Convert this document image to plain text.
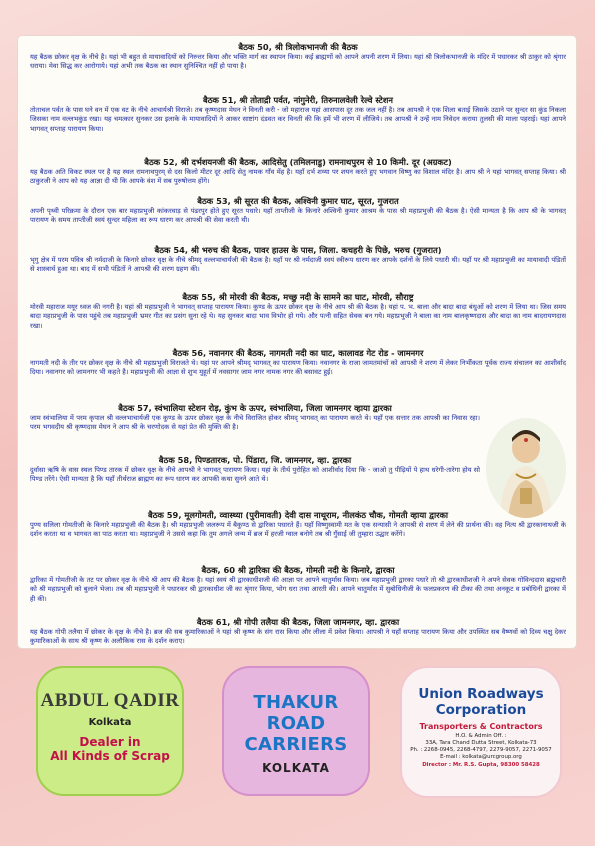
बैठक 50, श्री त्रिलोकभानजी की बैठक
यह बैठक छोकर वृक्ष के नीचे है। यहां भी बहुत से मायावादियों को निरुत्तर किया और भक्ति मार्ग का स्थापन किया। कई ब्राह्मणों को आपने अपनी शरण में लिया। यहां श्री त्रिलोकभानजी के मंदिर में पधारकर श्री ठाकुर को श्रृंगार धराया। मेवा सिद्ध कर आरोगाये। यहां अभी तक बैठक का स्थान सुनिश्चित नहीं हो पाया है।
बैठक 51, श्री तोताद्री पर्वत, नांगुनेरी, तिरुनालवेली रेल्वे स्टेशन
तोताचल पर्वत के पास घने वन में एक वट के नीचे आचार्यश्री विराजे। तब कृष्णदास मेघन ने विनती करी - जो महाराज यहां आसपास दूर तक जल नहीं है। तब आपश्री ने एक शिला बताई जिसके उठाने पर सुन्दर सा कुंड निकला जिसका नाम वल्लभकुंड रखा। यह चमत्कार सुनकर उस इलाके के मायावादियों ने आकर साष्टांग दंडवत कर विनती की कि हमें भी शरण में लीजिये। तब आपश्री ने उन्हें नाम निवेदन कराया तुलसी की माला पहराई। यहां आपने भागवत् सप्ताह पारायण किया।
बैठक 52, श्री दर्भशयनजी की बैठक, आदिसेतु (तमिलनाडु) रामनाथपुरम से 10 किमी. दूर (अग्रकट)
यह बैठक अति विकट स्थल पर है यह स्थल रामनाथपुरम् से दस किलो मीटर दूर आदि सेतु नामक गाँव मेंह है। यहाँ दर्भ शय्या पर शयन करते हुए भगवान विष्णु का विशाल मंदिर है। आप श्री ने यहां भागवत् सप्ताह किया। श्री ठाकुरजी ने आप को यह आज्ञा दी थी कि आपके वंश में सब पुरुषोत्तम होंगे।
बैठक 53, श्री सूरत की बैठक, अश्विनी कुमार घाट, सूरत, गुजरात
अपनी पृथ्वी परिक्रमा के दौरान एक बार महाप्रभुजी कांकरवाड़ से पंढरपुर होते हुए सूरत पधारे। यहाँ ताप्तीजी के किनारे अश्विनी कुमार आश्रम के पास श्री महाप्रभुजी की बैठक है। ऐसी मान्यता है कि आप श्री के भागवत् पारायण के समय ताप्तीजी स्वयं सुन्दर महिला का रूप धारण कर आपश्री की सेवा करती थी।
बैठक 54, श्री भरुच की बैठक, पावर हाउस के पास, जिला. कचहरी के पिछे, भरुच (गुजरात)
भृगु क्षेत्र में परम पवित्र श्री नर्मदाजी के किनारे छोकर वृक्ष के नीचे श्रीमद् वल्लभाचार्यजी की बैठक है। यहाँ पर श्री नर्मदाजी स्वयं स्त्रीरूप धारण कर आपके दर्शनों के लिये पधारी थी। यहाँ पर श्री महाप्रभुजी का मायावादी पंडितों से शास्त्रार्थ हुआ था। बाद में सभी पंडितों ने आपश्री की शरण ग्रहण की।
बैठक 55, श्री मोरवी की बैठक, मच्छु नदी के सामने का घाट, मोरवी, सौराष्ट्र
मोरवी महाराज मयूर ध्वज की नगरी है। यहां श्री महाप्रभुजी ने भागवत् सप्ताह पारायण किया। कुण्ड के ऊपर छोकर वृक्ष के नीचे आप श्री की बैठक है। यहां प. भ. बाला और बादा बादा बंधुओं को शरण में लिया था। जिस समय बादा महाप्रभुजी के पास पहुंचे तब महाप्रभुजी भ्रमर गीत का प्रसंग सुना रहे थे। यह सुनकर बादा भाव विभोर हो गये। और पत्नी सहित सेवक बन गये। महाप्रभुजी ने बाला का नाम बालकृष्णदास और बादा का नाम बादरायणदास रखा।
बैठक 56, नवानगर की बैठक, नागमती नदी का घाट, कालावड गेट रोड - जामनगर
नागमती नदी के तीर पर छोकर वृक्ष के नीचे श्री महाप्रभुजी विराजते थे। यहां पर आपने श्रीमद् भागवत् का पारायण किया। नवानगर के राजा जामतमांचों को आपश्री ने शरण में लेकर निर्भीकता पूर्वक राज्य संचालन का आशीर्वाद दिया। नवानगर को जामनगर भी कहते है। महाप्रभुजी की आज्ञा से शुभ मुहूर्त में नवसागर जाम नगर नामक नगर की बसावट हुई।
बैठक 57, स्वंभालिया स्टेशन रोड़, कुंभ के ऊपर, स्वंभालिया, जिला जामनगर व्हाया द्वारका
जाम स्वंभालिया में परम कृपाल श्री वल्लभाचार्यजी एक कुण्ड के ऊपर छोकर वृक्ष के नीचे विराजित होकर श्रीमद् भागवत् का पारायण करते थे। यहाँ एक सत्तार तक आपश्री का निवास रहा। परम भगवदीय श्री कृष्णदास मेघन ने आप श्री के चरणोदक से यहां प्रेत की मुक्ति की है।
बैठक 58, पिण्डतारक, पो. पिंडारा, जि. जामनगर, व्हा. द्वारका
दुर्वासा ऋषि के वास स्थल पिण्ड तारक में छोकर वृक्ष के नीचे आपश्री ने भागवत् पारायण किया। यहां के तीर्थ पुरोहित को आशीर्वाद दिया कि - जाओ तु पीढ़ियों पे हाथ धरेगी-तारेगा होय सो पिण्ड तरेंगे। ऐसी मान्यता है कि यहाँ तीर्थराज ब्राह्मण का रूप धारण कर आपकी कथा सुनने आते थे।
बैठक 59, मूलगोमती, व्वास्थ्या (पुरीमावती) देवी दास नाथूराम, नीलकंठ चौक, गोमती व्हाया द्वारका
पुण्य सलिला गोमतीजी के किनारे महाप्रभुजी की बैठक है। श्री महाप्रभुजी जलरूप में बैकुण्ठ से द्वारिका पधारते हैं। यहाँ विष्णुस्वामी मत के एक सन्यासी ने आपश्री से शरण में लेने की प्रार्थना की। वह नित्य श्री द्वारकानाथजी के दर्शन करता था व भागवत का पाठ करता था। महाप्रभुजी ने उससे कहा कि तुम अगले जन्म में ब्रज में हरजी ग्वाल बनोगे तब श्री गुँसाई जी तुम्हारा उद्धार करेंगे।
बैठक, 60 श्री द्वारिका की बैठक, गोमती नदी के किनारे, द्वारका
द्वारिका में गोमतीजी के तट पर छोकर वृक्ष के नीचे श्री आप की बैठक है। यहां स्वयं श्री द्वारकाधीशजी की आज्ञा पर आपने चातुर्मास किया। जब महाप्रभुजी द्वारका पधारे तो श्री द्वारकाधीशजी ने अपने सेवक गोविन्ददास ब्रह्मचारी को श्री महाप्रभुजी को बुलाने भेजा। तब श्री महाप्रभुजी ने पधारकर श्री द्वारकाधीश जी का श्रृंगार किया, भोग धरा तथा आरती की। आपने चातुर्मास में सुबोधिनीजी के फलप्रकरण की टीका की तथा अनकूट व प्रबोधिनी द्वारका में ही की।
बैठक 61, श्री गोपी तलैया की बैठक, जिला जामनगर, व्हा. द्वारका
यह बैठक गोपी तलैया में छोकर के वृक्ष के नीचे है। ब्रज की सब कुमारिकाओं ने यहां श्री कृष्ण के संग रास किया और लीला में प्रवेश किया। आपश्री ने यहाँ सप्ताह पारायण किया और उपस्थित सब वैष्णवों को दिव्य चक्षु देकर कुमारिकाओं के साथ श्री कृष्ण के अलौकिक रास के दर्शन कराए।
ABDUL QADIR
Kolkata
Dealer in
All Kinds of Scrap
THAKUR ROAD
CARRIERS
KOLKATA
Union Roadways
Corporation
Transporters & Contractors
H.O. & Admin Off. :
33A, Tara Chand Dutta Street, Kolkata-73
Ph. : 2268-0945, 2268-4797, 2279-9057, 2271-9057
E-mail : kolkata@urcgroup.org
Director : Mr. R.S. Gupta, 98300 58428
